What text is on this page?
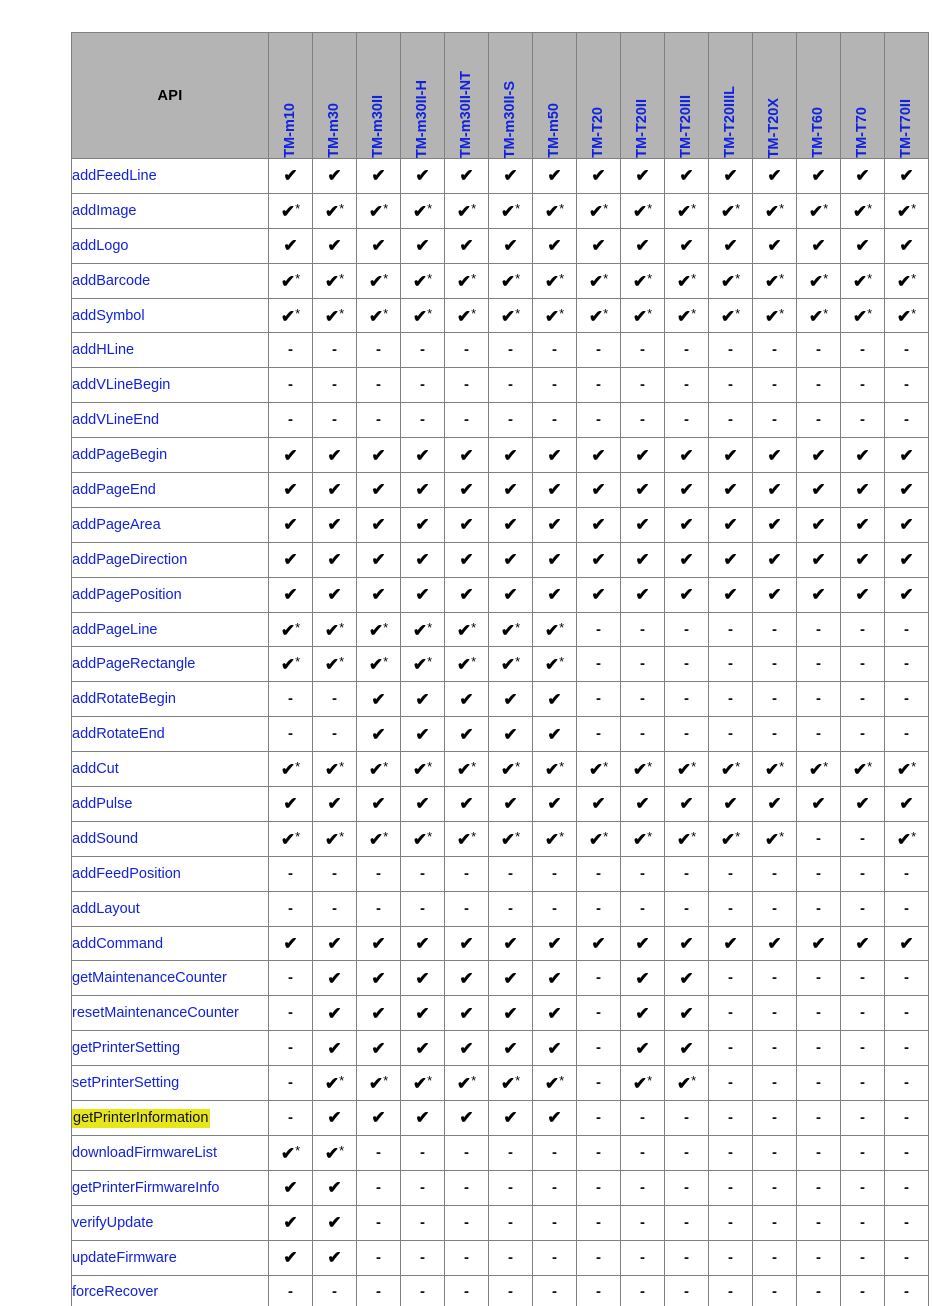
API	TM-m10	TM-m30	TM-m30II	TM-m30II-H	TM-m30II-NT	TM-m30II-S	TM-m50	TM-T20	TM-T20II	TM-T20III	TM-T20IIIL	TM-T20X	TM-T60	TM-T70	TM-T70II

addFeedLine	✔	✔	✔	✔	✔	✔	✔	✔	✔	✔	✔	✔	✔	✔	✔
addImage	✔*	✔*	✔*	✔*	✔*	✔*	✔*	✔*	✔*	✔*	✔*	✔*	✔*	✔*	✔*
addLogo	✔	✔	✔	✔	✔	✔	✔	✔	✔	✔	✔	✔	✔	✔	✔
addBarcode	✔*	✔*	✔*	✔*	✔*	✔*	✔*	✔*	✔*	✔*	✔*	✔*	✔*	✔*	✔*
addSymbol	✔*	✔*	✔*	✔*	✔*	✔*	✔*	✔*	✔*	✔*	✔*	✔*	✔*	✔*	✔*
addHLine	-	-	-	-	-	-	-	-	-	-	-	-	-	-	-
addVLineBegin	-	-	-	-	-	-	-	-	-	-	-	-	-	-	-
addVLineEnd	-	-	-	-	-	-	-	-	-	-	-	-	-	-	-
addPageBegin	✔	✔	✔	✔	✔	✔	✔	✔	✔	✔	✔	✔	✔	✔	✔
addPageEnd	✔	✔	✔	✔	✔	✔	✔	✔	✔	✔	✔	✔	✔	✔	✔
addPageArea	✔	✔	✔	✔	✔	✔	✔	✔	✔	✔	✔	✔	✔	✔	✔
addPageDirection	✔	✔	✔	✔	✔	✔	✔	✔	✔	✔	✔	✔	✔	✔	✔
addPagePosition	✔	✔	✔	✔	✔	✔	✔	✔	✔	✔	✔	✔	✔	✔	✔
addPageLine	✔*	✔*	✔*	✔*	✔*	✔*	✔*	-	-	-	-	-	-	-	-
addPageRectangle	✔*	✔*	✔*	✔*	✔*	✔*	✔*	-	-	-	-	-	-	-	-
addRotateBegin	-	-	✔	✔	✔	✔	✔	-	-	-	-	-	-	-	-
addRotateEnd	-	-	✔	✔	✔	✔	✔	-	-	-	-	-	-	-	-
addCut	✔*	✔*	✔*	✔*	✔*	✔*	✔*	✔*	✔*	✔*	✔*	✔*	✔*	✔*	✔*
addPulse	✔	✔	✔	✔	✔	✔	✔	✔	✔	✔	✔	✔	✔	✔	✔
addSound	✔*	✔*	✔*	✔*	✔*	✔*	✔*	✔*	✔*	✔*	✔*	✔*	-	-	✔*
addFeedPosition	-	-	-	-	-	-	-	-	-	-	-	-	-	-	-
addLayout	-	-	-	-	-	-	-	-	-	-	-	-	-	-	-
addCommand	✔	✔	✔	✔	✔	✔	✔	✔	✔	✔	✔	✔	✔	✔	✔
getMaintenanceCounter	-	✔	✔	✔	✔	✔	✔	-	✔	✔	-	-	-	-	-
resetMaintenanceCounter	-	✔	✔	✔	✔	✔	✔	-	✔	✔	-	-	-	-	-
getPrinterSetting	-	✔	✔	✔	✔	✔	✔	-	✔	✔	-	-	-	-	-
setPrinterSetting	-	✔*	✔*	✔*	✔*	✔*	✔*	-	✔*	✔*	-	-	-	-	-
getPrinterInformation	-	✔	✔	✔	✔	✔	✔	-	-	-	-	-	-	-	-
downloadFirmwareList	✔*	✔*	-	-	-	-	-	-	-	-	-	-	-	-	-
getPrinterFirmwareInfo	✔	✔	-	-	-	-	-	-	-	-	-	-	-	-	-
verifyUpdate	✔	✔	-	-	-	-	-	-	-	-	-	-	-	-	-
updateFirmware	✔	✔	-	-	-	-	-	-	-	-	-	-	-	-	-
forceRecover	-	-	-	-	-	-	-	-	-	-	-	-	-	-	-
